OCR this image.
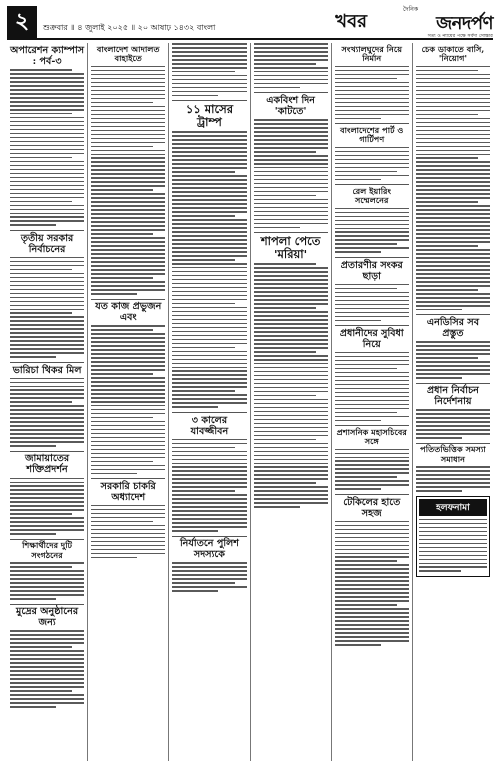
২	শুক্রবার ॥ ৪ জুলাই ২০২৫ ॥ ২০ আষাঢ় ১৪৩২ বাংলা	খবর
দৈনিক
জনদর্পণ
সত্য ও ন্যায়ের পক্ষে সর্বদা সোচ্চার
অপারেশন ক্যাম্পাস : পর্ব-৩
তৃতীয় সরকার নির্বাচনের
ভারিচা থিকর মিল
জামায়াতের শক্তিপ্রদর্শন
শিক্ষার্থীদের দুটি সংগঠনের
মুদ্রের অনুষ্ঠানের জন্য
বাংলাদেশ আদালত বাহাইতে
যত কাজ প্রভুজন এবং
সরকারি চাকরি অধ্যাদেশ
১১ মাসের ট্রাম্প
৩ কালের যাবজ্জীবন
নির্যাতনে পুলিশ সদস্যকে
একবিংশ দিন 'কাটতে'
শাপলা পেতে 'মরিয়া'
সংখ্যালঘুদের নিয়ে নির্মান
বাংলাদেশের পার্ট ও গার্টিপণ
রেল ইয়ারিং সম্মেলনের
প্রতারণীর সংকর ছাড়া
প্রধানীদের সুবিধা নিয়ে
প্রশাসনিক মহাসচিবের সঙ্গে
টেকিলের হাতে সহজ
চেক ডাকাতে বাসি, 'নিয়োগ'
এনডিসির সব প্রস্তুত
প্রধান নির্বাচন নির্দেশনায়
পতিতভিত্তিক সমস্যা সমাধান
হলফনামা
